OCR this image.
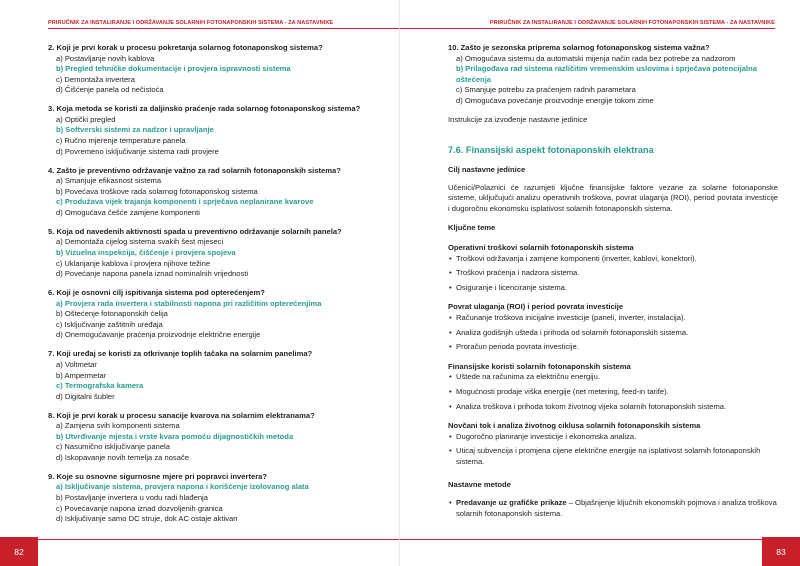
PRIRUČNIK ZA INSTALIRANJE I ODRŽAVANJE SOLARNIH FOTONAPONSKIH SISTEMA - ZA NASTAVNIKE
2. Koji je prvi korak u procesu pokretanja solarnog fotonaponskog sistema?
a) Postavljanje novih kablova
b) Pregled tehničke dokumentacije i provjera ispravnosti sistema
c) Demontaža invertera
d) Čišćenje panela od nečistoća
3. Koja metoda se koristi za daljinsko praćenje rada solarnog fotonaponskog sistema?
a) Optički pregled
b) Softverski sistemi za nadzor i upravljanje
c) Ručno mjerenje temperature panela
d) Povremeno isključivanje sistema radi provjere
4. Zašto je preventivno održavanje važno za rad solarnih fotonaponskih sistema?
a) Smanjuje efikasnost sistema
b) Povećava troškove rada solarnog fotonaponskog sistema
c) Produžava vijek trajanja komponenti i sprječava neplanirane kvarove
d) Omogućava češće zamjene komponenti
5. Koja od navedenih aktivnosti spada u preventivno održavanje solarnih panela?
a) Demontaža cijelog sistema svakih šest mjeseci
b) Vizuelna inspekcija, čišćenje i provjera spojeva
c) Uklanjanje kablova i provjera njihove težine
d) Povećanje napona panela iznad nominalnih vrijednosti
6. Koji je osnovni cilj ispitivanja sistema pod opterećenjem?
a) Provjera rada invertera i stabilnosti napona pri različitim opterećenjima
b) Oštećenje fotonaponskih ćelija
c) Isključivanje zaštitnih uređaja
d) Onemogućavanje praćenja proizvodnje električne energije
7. Koji uređaj se koristi za otkrivanje toplih tačaka na solarnim panelima?
a) Voltmetar
b) Ampermetar
c) Termografska kamera
d) Digitalni šubler
8. Koji je prvi korak u procesu sanacije kvarova na solarnim elektranama?
a) Zamjena svih komponenti sistema
b) Utvrđivanje mjesta i vrste kvara pomoću dijagnostičkih metoda
c) Nasumično isključivanje panela
d) Iskopavanje novih temelja za nosače
9. Koje su osnovne sigurnosne mjere pri popravci invertera?
a) Isključivanje sistema, provjera napona i korišćenje izolovanog alata
b) Postavljanje invertera u vodu radi hlađenja
c) Povećavanje napona iznad dozvoljenih granica
d) Isključivanje samo DC struje, dok AC ostaje aktivan
82
PRIRUČNIK ZA INSTALIRANJE I ODRŽAVANJE SOLARNIH FOTONAPONSKIH SISTEMA - ZA NASTAVNIKE
10. Zašto je sezonska priprema solarnog fotonaponskog sistema važna?
a) Omogućava sistemu da automatski mijenja način rada bez potrebe za nadzorom
b) Prilagođava rad sistema različitim vremenskim uslovima i sprječava potencijalna oštećenja
c) Smanjuje potrebu za praćenjem radnih parametara
d) Omogućava povećanje proizvodnje energije tokom zime
Instrukcije za izvođenje nastavne jedinice
7.6. Finansijski aspekt fotonaponskih elektrana
Cilj nastavne jedinice
Učenici/Polaznici će razumjeti ključne finansijske faktore vezane za solarne fotonaponske sisteme, uključujući analizu operativnih troškova, povrat ulaganja (ROI), period povrata investicije i dugoročnu ekonomsku isplativost solarnih fotonaponskih sistema.
Ključne teme
Operativni troškovi solarnih fotonaponskih sistema
• Troškovi održavanja i zamjene komponenti (inverter, kablovi, konektori).
• Troškovi praćenja i nadzora sistema.
• Osiguranje i licenciranje sistema.
Povrat ulaganja (ROI) i period povrata investicije
• Računanje troškova inicijalne investicije (paneli, inverter, instalacija).
• Analiza godišnjih ušteda i prihoda od solarnih fotonaponskih sistema.
• Proračun perioda povrata investicije.
Finansijske koristi solarnih fotonaponskih sistema
• Uštede na računima za električnu energiju.
• Mogućnosti prodaje viška energije (net metering, feed-in tarife).
• Analiza troškova i prihoda tokom životnog vijeka solarnih fotonaponskih sistema.
Novčani tok i analiza životnog ciklusa solarnih fotonaponskih sistema
• Dugoročno planiranje investicije i ekonomska analiza.
• Uticaj subvencija i promjena cijene električne energije na isplativost solarnih fotonaponskih sistema.
Nastavne metode
• Predavanje uz grafičke prikaze – Objašnjenje ključnih ekonomskih pojmova i analiza troškova solarnih fotonaponskih sistema.
83
